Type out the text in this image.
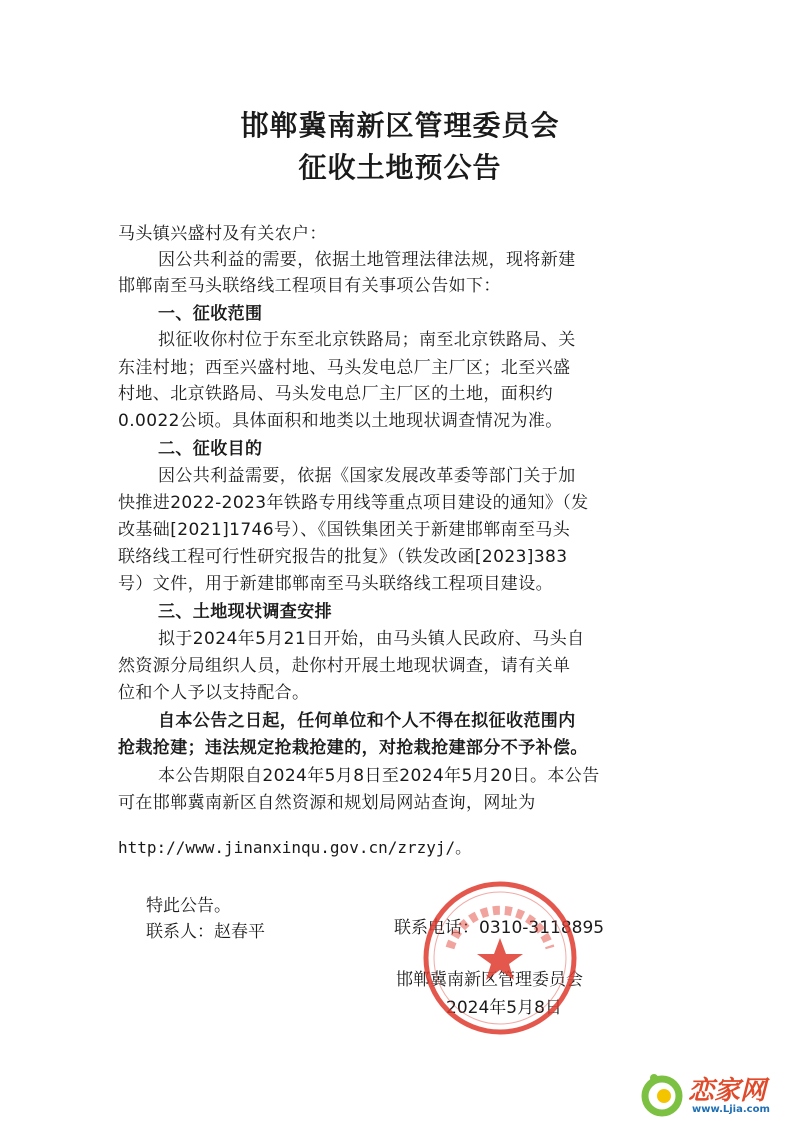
邯郸冀南新区管理委员会
征收土地预公告
马头镇兴盛村及有关农户：
因公共利益的需要，依据土地管理法律法规，现将新建
邯郸南至马头联络线工程项目有关事项公告如下：
一、征收范围
拟征收你村位于东至北京铁路局；南至北京铁路局、关
东洼村地；西至兴盛村地、马头发电总厂主厂区；北至兴盛
村地、北京铁路局、马头发电总厂主厂区的土地，面积约
0.0022公顷。具体面积和地类以土地现状调查情况为准。
二、征收目的
因公共利益需要，依据《国家发展改革委等部门关于加
快推进2022-2023年铁路专用线等重点项目建设的通知》（发
改基础[2021]1746号）、《国铁集团关于新建邯郸南至马头
联络线工程可行性研究报告的批复》（铁发改函[2023]383
号）文件，用于新建邯郸南至马头联络线工程项目建设。
三、土地现状调查安排
拟于2024年5月21日开始，由马头镇人民政府、马头自
然资源分局组织人员，赴你村开展土地现状调查，请有关单
位和个人予以支持配合。
自本公告之日起，任何单位和个人不得在拟征收范围内
抢栽抢建；违法规定抢栽抢建的，对抢栽抢建部分不予补偿。
本公告期限自2024年5月8日至2024年5月20日。本公告
可在邯郸冀南新区自然资源和规划局网站查询，网址为
http://www.jinanxinqu.gov.cn/zrzyj/。
特此公告。
联系人：赵春平	联系电话：0310-3118895
邯郸冀南新区管理委员会
2024年5月8日
恋家网
www.Ljia.com
